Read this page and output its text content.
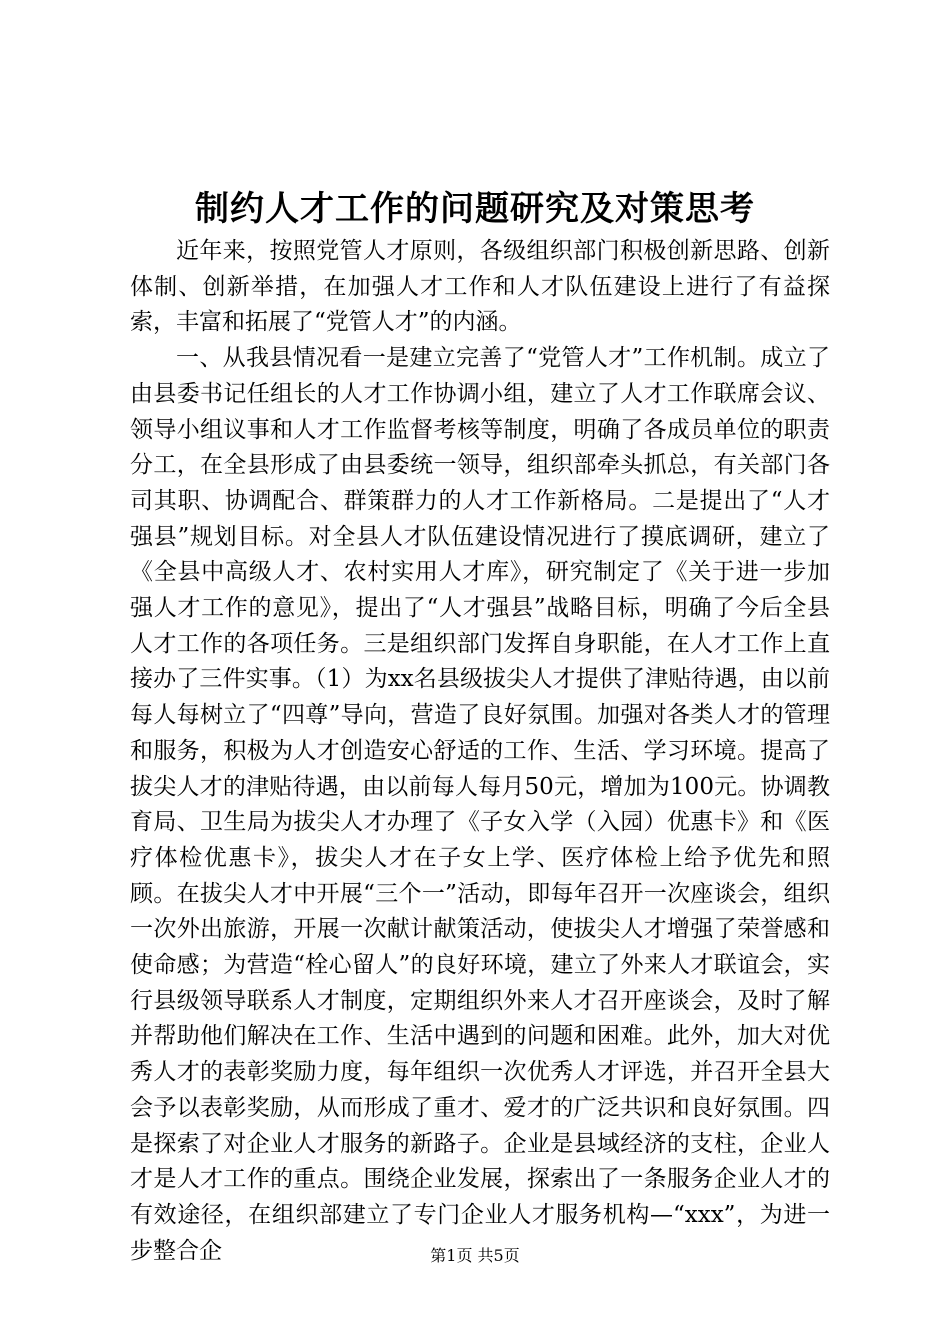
制约人才工作的问题研究及对策思考

近年来，按照党管人才原则，各级组织部门积极创新思路、创新体制、创新举措，在加强人才工作和人才队伍建设上进行了有益探索，丰富和拓展了“党管人才”的内涵。

一、从我县情况看一是建立完善了“党管人才”工作机制。成立了由县委书记任组长的人才工作协调小组，建立了人才工作联席会议、领导小组议事和人才工作监督考核等制度，明确了各成员单位的职责分工，在全县形成了由县委统一领导，组织部牵头抓总，有关部门各司其职、协调配合、群策群力的人才工作新格局。二是提出了“人才强县”规划目标。对全县人才队伍建设情况进行了摸底调研，建立了《全县中高级人才、农村实用人才库》，研究制定了《关于进一步加强人才工作的意见》，提出了“人才强县”战略目标，明确了今后全县人才工作的各项任务。三是组织部门发挥自身职能，在人才工作上直接办了三件实事。（1）为xx名县级拔尖人才提供了津贴待遇，由以前每人每树立了“四尊”导向，营造了良好氛围。加强对各类人才的管理和服务，积极为人才创造安心舒适的工作、生活、学习环境。提高了拔尖人才的津贴待遇，由以前每人每月50元，增加为100元。协调教育局、卫生局为拔尖人才办理了《子女入学（入园）优惠卡》和《医疗体检优惠卡》，拔尖人才在子女上学、医疗体检上给予优先和照顾。在拔尖人才中开展“三个一”活动，即每年召开一次座谈会，组织一次外出旅游，开展一次献计献策活动，使拔尖人才增强了荣誉感和使命感；为营造“栓心留人”的良好环境，建立了外来人才联谊会，实行县级领导联系人才制度，定期组织外来人才召开座谈会，及时了解并帮助他们解决在工作、生活中遇到的问题和困难。此外，加大对优秀人才的表彰奖励力度，每年组织一次优秀人才评选，并召开全县大会予以表彰奖励，从而形成了重才、爱才的广泛共识和良好氛围。四是探索了对企业人才服务的新路子。企业是县域经济的支柱，企业人才是人才工作的重点。围绕企业发展，探索出了一条服务企业人才的有效途径，在组织部建立了专门企业人才服务机构—“xxx”，为进一步整合企	第1页 共5页
